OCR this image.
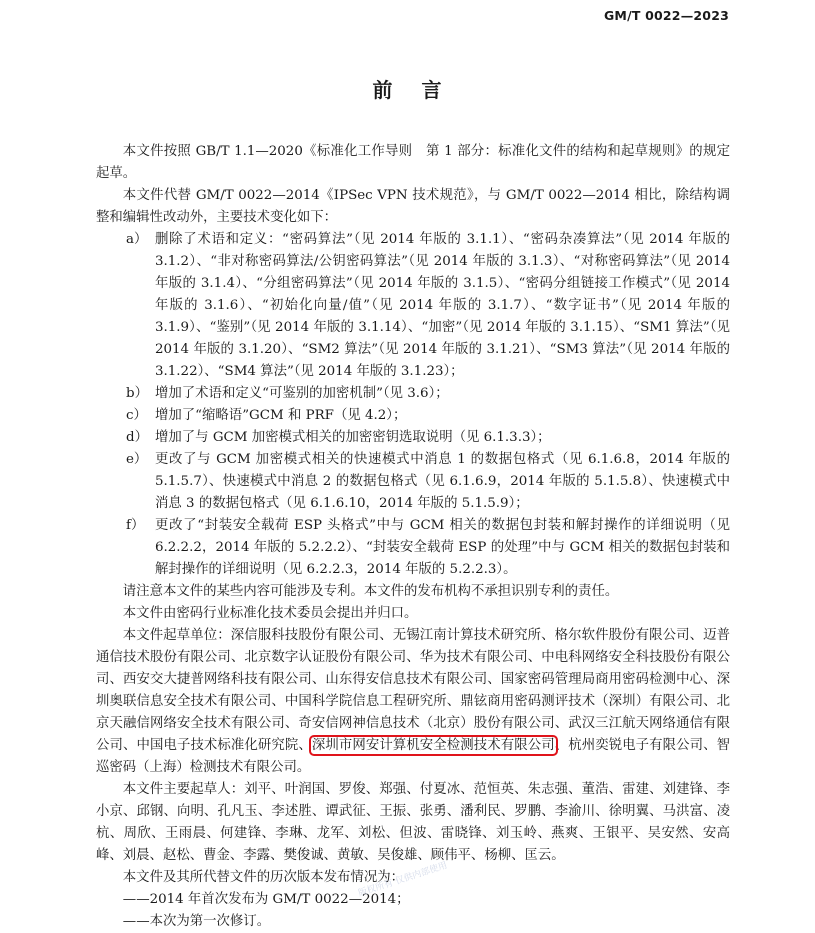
GM/T 0022—2023
前 言

本文件按照 GB/T 1.1—2020《标准化工作导则　第 1 部分：标准化文件的结构和起草规则》的规定起草。

本文件代替 GM/T 0022—2014《IPSec VPN 技术规范》，与 GM/T 0022—2014 相比，除结构调整和编辑性改动外，主要技术变化如下：

a） 删除了术语和定义：“密码算法”（见 2014 年版的 3.1.1）、“密码杂凑算法”（见 2014 年版的 3.1.2）、“非对称密码算法/公钥密码算法”（见 2014 年版的 3.1.3）、“对称密码算法”（见 2014 年版的 3.1.4）、“分组密码算法”（见 2014 年版的 3.1.5）、“密码分组链接工作模式”（见 2014 年版的 3.1.6）、“初始化向量/值”（见 2014 年版的 3.1.7）、“数字证书”（见 2014 年版的 3.1.9）、“鉴别”（见 2014 年版的 3.1.14）、“加密”（见 2014 年版的 3.1.15）、“SM1 算法”（见 2014 年版的 3.1.20）、“SM2 算法”（见 2014 年版的 3.1.21）、“SM3 算法”（见 2014 年版的 3.1.22）、“SM4 算法”（见 2014 年版的 3.1.23）；

b） 增加了术语和定义“可鉴别的加密机制”（见 3.6）；

c） 增加了“缩略语”GCM 和 PRF（见 4.2）；

d） 增加了与 GCM 加密模式相关的加密密钥选取说明（见 6.1.3.3）；

e） 更改了与 GCM 加密模式相关的快速模式中消息 1 的数据包格式（见 6.1.6.8，2014 年版的 5.1.5.7）、快速模式中消息 2 的数据包格式（见 6.1.6.9，2014 年版的 5.1.5.8）、快速模式中消息 3 的数据包格式（见 6.1.6.10，2014 年版的 5.1.5.9）；

f） 更改了“封装安全载荷 ESP 头格式”中与 GCM 相关的数据包封装和解封操作的详细说明（见 6.2.2.2，2014 年版的 5.2.2.2）、“封装安全载荷 ESP 的处理”中与 GCM 相关的数据包封装和解封操作的详细说明（见 6.2.2.3，2014 年版的 5.2.2.3）。

请注意本文件的某些内容可能涉及专利。本文件的发布机构不承担识别专利的责任。

本文件由密码行业标准化技术委员会提出并归口。

本文件起草单位：深信服科技股份有限公司、无锡江南计算技术研究所、格尔软件股份有限公司、迈普通信技术股份有限公司、北京数字认证股份有限公司、华为技术有限公司、中电科网络安全科技股份有限公司、西安交大捷普网络科技有限公司、山东得安信息技术有限公司、国家密码管理局商用密码检测中心、深圳奥联信息安全技术有限公司、中国科学院信息工程研究所、鼎铉商用密码测评技术（深圳）有限公司、北京天融信网络安全技术有限公司、奇安信网神信息技术（北京）股份有限公司、武汉三江航天网络通信有限公司、中国电子技术标准化研究院、深圳市网安计算机安全检测技术有限公司、杭州奕锐电子有限公司、智巡密码（上海）检测技术有限公司。

本文件主要起草人：刘平、叶润国、罗俊、郑强、付夏冰、范恒英、朱志强、董浩、雷建、刘建锋、李小京、邱钢、向明、孔凡玉、李述胜、谭武征、王振、张勇、潘利民、罗鹏、李渝川、徐明翼、马洪富、凌杭、周欣、王雨晨、何建锋、李琳、龙军、刘松、但波、雷晓锋、刘玉岭、燕爽、王银平、吴安然、安高峰、刘晨、赵松、曹金、李露、樊俊诚、黄敏、吴俊雄、顾伟平、杨柳、匡云。

本文件及其所代替文件的历次版本发布情况为：

——2014 年首次发布为 GM/T 0022—2014；

——本次为第一次修订。

版权所有 仅供内部使用
